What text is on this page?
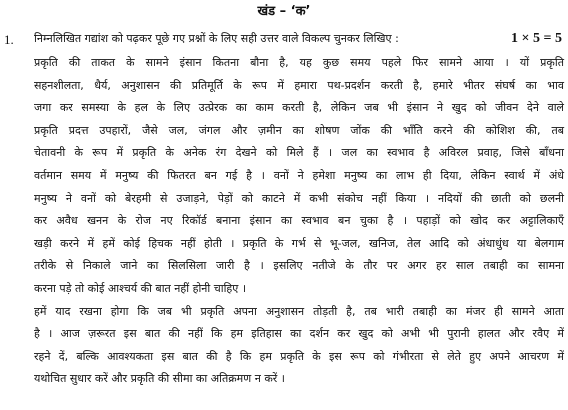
खंड – ‘क’
1. निम्नलिखित गद्यांश को पढ़कर पूछे गए प्रश्नों के लिए सही उत्तर वाले विकल्प चुनकर लिखिए :	1 × 5 = 5
प्रकृति की ताकत के सामने इंसान कितना बौना है, यह कुछ समय पहले फिर सामने आया । यों प्रकृति
सहनशीलता, धैर्य, अनुशासन की प्रतिमूर्ति के रूप में हमारा पथ-प्रदर्शन करती है, हमारे भीतर संघर्ष का भाव
जगा कर समस्या के हल के लिए उत्प्रेरक का काम करती है, लेकिन जब भी इंसान ने खुद को जीवन देने वाले
प्रकृति प्रदत्त उपहारों, जैसे जल, जंगल और ज़मीन का शोषण जोंक की भाँति करने की कोशिश की, तब
चेतावनी के रूप में प्रकृति के अनेक रंग देखने को मिले हैं । जल का स्वभाव है अविरल प्रवाह, जिसे बाँधना
वर्तमान समय में मनुष्य की फितरत बन गई है । वनों ने हमेशा मनुष्य का लाभ ही दिया, लेकिन स्वार्थ में अंधे
मनुष्य ने वनों को बेरहमी से उजाड़ने, पेड़ों को काटने में कभी संकोच नहीं किया । नदियों की छाती को छलनी
कर अवैध खनन के रोज नए रिकॉर्ड बनाना इंसान का स्वभाव बन चुका है । पहाड़ों को खोद कर अट्टालिकाएँ
खड़ी करने में हमें कोई हिचक नहीं होती । प्रकृति के गर्भ से भू-जल, खनिज, तेल आदि को अंधाधुंध या बेलगाम
तरीके से निकाले जाने का सिलसिला जारी है । इसलिए नतीजे के तौर पर अगर हर साल तबाही का सामना
करना पड़े तो कोई आश्चर्य की बात नहीं होनी चाहिए ।
हमें याद रखना होगा कि जब भी प्रकृति अपना अनुशासन तोड़ती है, तब भारी तबाही का मंजर ही सामने आता
है । आज ज़रूरत इस बात की नहीं कि हम इतिहास का दर्शन कर खुद को अभी भी पुरानी हालत और रवैए में
रहने दें, बल्कि आवश्यकता इस बात की है कि हम प्रकृति के इस रूप को गंभीरता से लेते हुए अपने आचरण में
यथोचित सुधार करें और प्रकृति की सीमा का अतिक्रमण न करें ।
